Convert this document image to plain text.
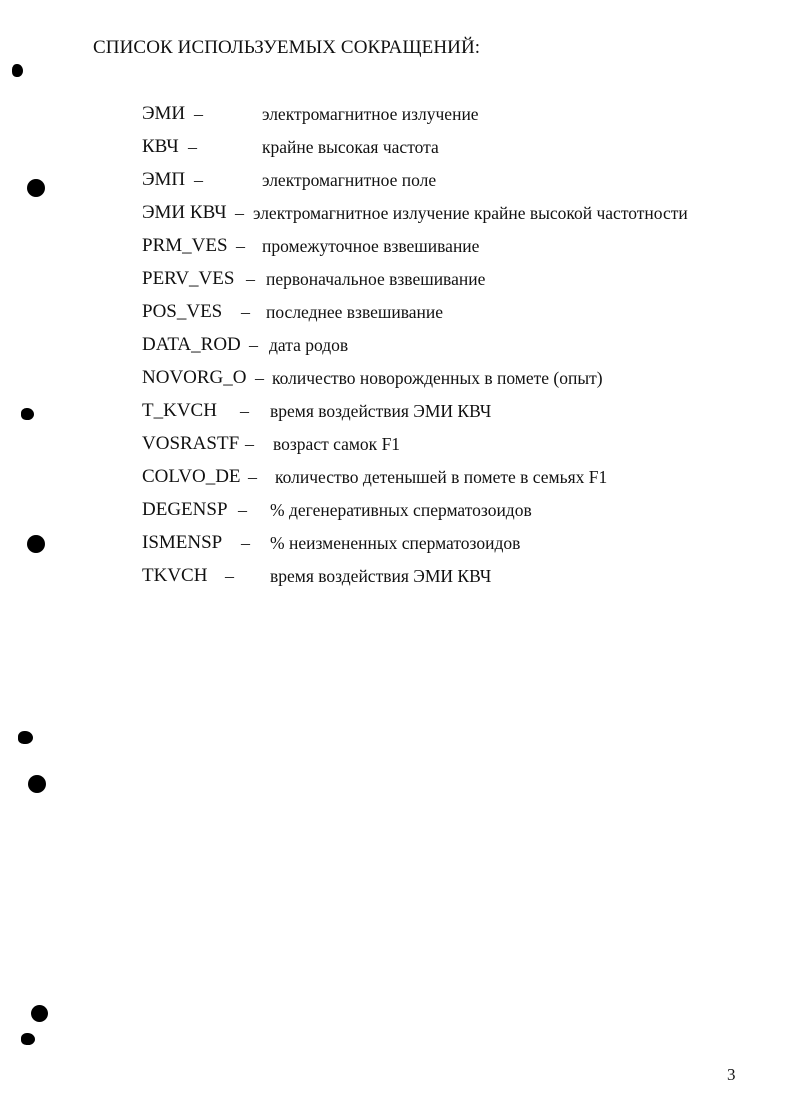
СПИСОК ИСПОЛЬЗУЕМЫХ СОКРАЩЕНИЙ:
ЭМИ –	электромагнитное излучение
КВЧ –	крайне высокая частота
ЭМП –	электромагнитное поле
ЭМИ КВЧ – электромагнитное излучение крайне высокой частотности
PRM_VES – промежуточное взвешивание
PERV_VES – первоначальное взвешивание
POS_VES – последнее взвешивание
DATA_ROD – дата родов
NOVORG_O – количество новорожденных в помете (опыт)
T_KVCH – время воздействия ЭМИ КВЧ
VOSRASTF – возраст самок F1
COLVO_DE – количество детенышей в помете в семьях F1
DEGENSP – % дегенеративных сперматозоидов
ISMENSP – % неизмененных сперматозоидов
TKVCH – время воздействия ЭМИ КВЧ
3
